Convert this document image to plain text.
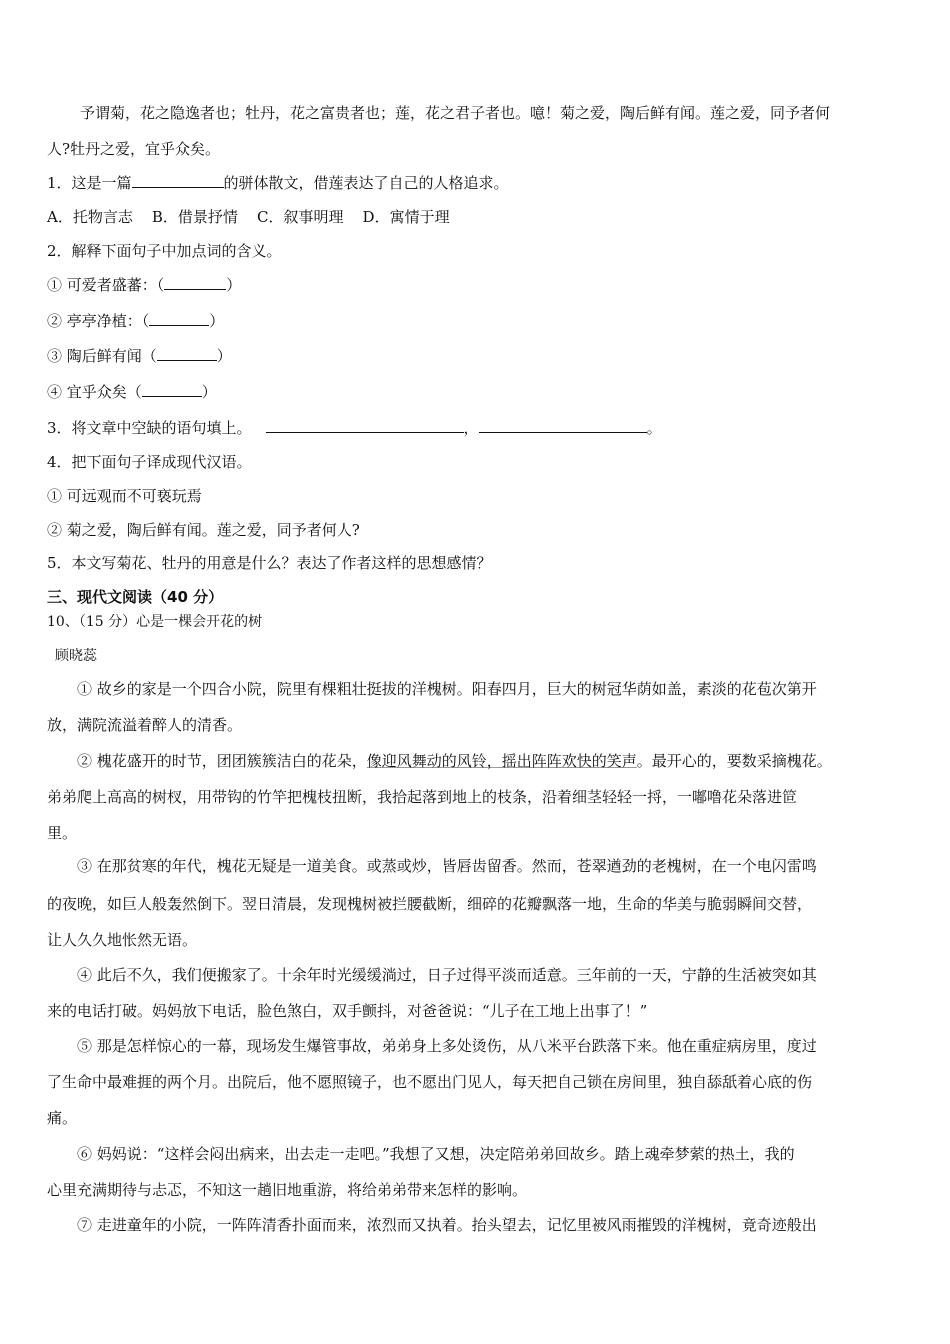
予谓菊，花之隐逸者也；牡丹，花之富贵者也；莲，花之君子者也。噫！菊之爱，陶后鲜有闻。莲之爱，同予者何
人?牡丹之爱，宜乎众矣。
1．这是一篇	的骈体散文，借莲表达了自己的人格追求。
A．托物言志    B．借景抒情    C．叙事明理    D．寓情于理
2．解释下面句子中加点词的含义。
① 可爱者盛蕃：（	）
② 亭亭净植：（	）
③ 陶后鲜有闻（	）
④ 宜乎众矣（	）
3．将文章中空缺的语句填上。	，	。
4．把下面句子译成现代汉语。
① 可远观而不可亵玩焉
② 菊之爱，陶后鲜有闻。莲之爱，同予者何人?
5．本文写菊花、牡丹的用意是什么？表达了作者这样的思想感情？
三、现代文阅读（40 分）
10、（15 分）心是一棵会开花的树
顾晓蕊
① 故乡的家是一个四合小院，院里有棵粗壮挺拔的洋槐树。阳春四月，巨大的树冠华荫如盖，素淡的花苞次第开
放，满院流溢着醉人的清香。
② 槐花盛开的时节，团团簇簇洁白的花朵，像迎风舞动的风铃，摇出阵阵欢快的笑声。最开心的，要数采摘槐花。
弟弟爬上高高的树杈，用带钩的竹竿把槐枝扭断，我拾起落到地上的枝条，沿着细茎轻轻一捋，一嘟噜花朵落进笸
里。
③ 在那贫寒的年代，槐花无疑是一道美食。或蒸或炒，皆唇齿留香。然而，苍翠遒劲的老槐树，在一个电闪雷鸣
的夜晚，如巨人般轰然倒下。翌日清晨，发现槐树被拦腰截断，细碎的花瓣飘落一地，生命的华美与脆弱瞬间交替，
让人久久地怅然无语。
④ 此后不久，我们便搬家了。十余年时光缓缓淌过，日子过得平淡而适意。三年前的一天，宁静的生活被突如其
来的电话打破。妈妈放下电话，脸色煞白，双手颤抖，对爸爸说：“儿子在工地上出事了！”
⑤ 那是怎样惊心的一幕，现场发生爆管事故，弟弟身上多处烫伤，从八米平台跌落下来。他在重症病房里，度过
了生命中最难捱的两个月。出院后，他不愿照镜子，也不愿出门见人，每天把自己锁在房间里，独自舔舐着心底的伤
痛。
⑥ 妈妈说：“这样会闷出病来，出去走一走吧。”我想了又想，决定陪弟弟回故乡。踏上魂牵梦萦的热土，我的
心里充满期待与忐忑，不知这一趟旧地重游，将给弟弟带来怎样的影响。
⑦ 走进童年的小院，一阵阵清香扑面而来，浓烈而又执着。抬头望去，记忆里被风雨摧毁的洋槐树，竟奇迹般出
